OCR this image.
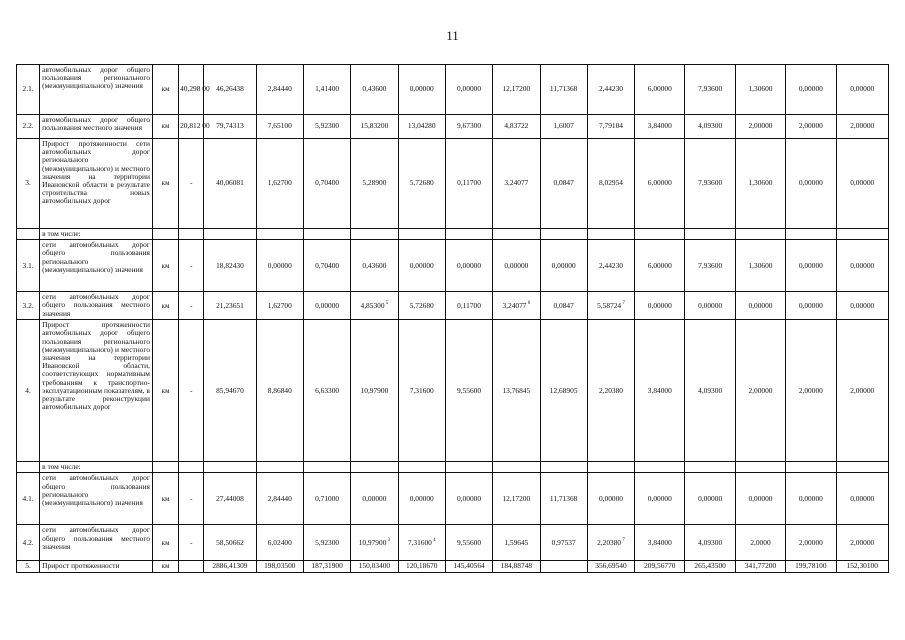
11
2.1.	автомобильных дорог общего пользования регионального (межмуниципального) значения	км	40,298 00	46,26438	2,84440	1,41400	0,43600	0,00000	0,00000	12,17200	11,71368	2,44230	6,00000	7,93600	1,30600	0,00000	0,00000
2.2.	автомобильных дорог общего пользования местного значения	км	20,812 00	79,74313	7,65100	5,92300	15,83200	13,04280	9,67300	4,83722	1,6007	7,79104	3,84000	4,09300	2,00000	2,00000	2,00000
3.	Прирост протяженности сети автомобильных дорог регионального (межмуниципального) и местного значения на территории Ивановской области в результате строительства новых автомобильных дорог	км	-	40,06081	1,62700	0,70400	5,28900	5,72680	0,11700	3,24077	0,0847	8,02954	6,00000	7,93600	1,30600	0,00000	0,00000
	в том числе:																
3.1.	сети автомобильных дорог общего пользования регионального (межмуниципального) значения	км	-	18,82430	0,00000	0,70400	0,43600	0,00000	0,00000	0,00000	0,00000	2,44230	6,00000	7,93600	1,30600	0,00000	0,00000
3.2.	сети автомобильных дорог общего пользования местного значения	км	-	21,23651	1,62700	0,00000	4,85300 $^5$	5,72680	0,11700	3,24077 $^6$	0,0847	5,58724 $^7$	0,00000	0,00000	0,00000	0,00000	0,00000
4.	Прирост протяженности автомобильных дорог общего пользования регионального (межмуниципального) и местного значения на территории Ивановской области, соответствующих нормативным требованиям к транспортно-эксплуатационным показателям, в результате реконструкции автомобильных дорог	км	-	85,94670	8,86840	6,63300	10,97900	7,31600	9,55600	13,76845	12,68905	2,20380	3,84000	4,09300	2,00000	2,00000	2,00000
	в том числе:																
4.1.	сети автомобильных дорог общего пользования регионального (межмуниципального) значения	км	-	27,44008	2,84440	0,71000	0,00000	0,00000	0,00000	12,17200	11,71368	0,00000	0,00000	0,00000	0,00000	0,00000	0,00000
4.2.	сети автомобильных дорог общего пользования местного значения	км	-	58,50662	6,02400	5,92300	10,97900 $^3$	7,31600 $^4$	9,55600	1,59645	0,97537	2,20380 $^7$	3,84000	4,09300	2,0000	2,00000	2,00000
5.	Прирост протяженности	км		2886,41309	198,03500	187,31900	150,03400	120,18670	145,40564	184,88748		356,69540	209,56770	265,43500	341,77200	199,78100	152,30100
